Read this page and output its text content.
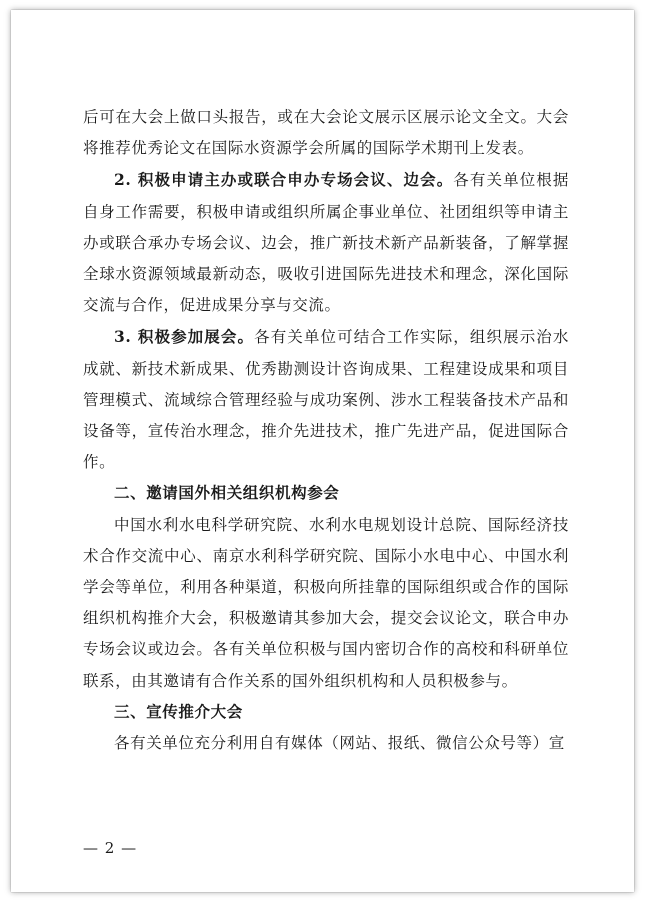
后可在大会上做口头报告，或在大会论文展示区展示论文全文。大会将推荐优秀论文在国际水资源学会所属的国际学术期刊上发表。

2. 积极申请主办或联合申办专场会议、边会。各有关单位根据自身工作需要，积极申请或组织所属企事业单位、社团组织等申请主办或联合承办专场会议、边会，推广新技术新产品新装备，了解掌握全球水资源领域最新动态，吸收引进国际先进技术和理念，深化国际交流与合作，促进成果分享与交流。

3. 积极参加展会。各有关单位可结合工作实际，组织展示治水成就、新技术新成果、优秀勘测设计咨询成果、工程建设成果和项目管理模式、流域综合管理经验与成功案例、涉水工程装备技术产品和设备等，宣传治水理念，推介先进技术，推广先进产品，促进国际合作。

二、邀请国外相关组织机构参会

中国水利水电科学研究院、水利水电规划设计总院、国际经济技术合作交流中心、南京水利科学研究院、国际小水电中心、中国水利学会等单位，利用各种渠道，积极向所挂靠的国际组织或合作的国际组织机构推介大会，积极邀请其参加大会，提交会议论文，联合申办专场会议或边会。各有关单位积极与国内密切合作的高校和科研单位联系，由其邀请有合作关系的国外组织机构和人员积极参与。

三、宣传推介大会

各有关单位充分利用自有媒体（网站、报纸、微信公众号等）宣

— 2 —
